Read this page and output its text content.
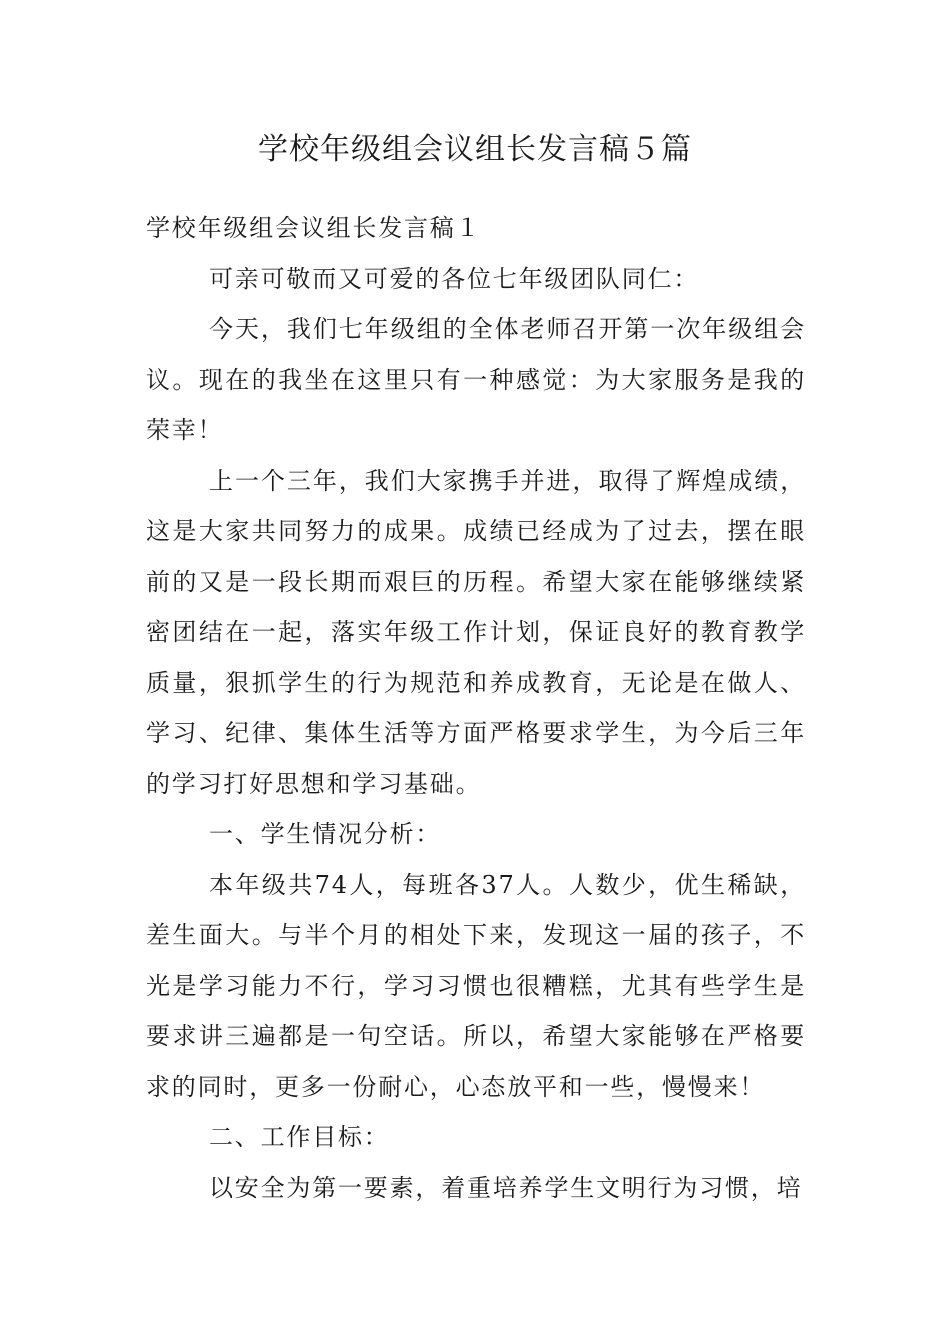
学校年级组会议组长发言稿５篇

学校年级组会议组长发言稿１

可亲可敬而又可爱的各位七年级团队同仁：

今天，我们七年级组的全体老师召开第一次年级组会议。现在的我坐在这里只有一种感觉：为大家服务是我的荣幸！

上一个三年，我们大家携手并进，取得了辉煌成绩，这是大家共同努力的成果。成绩已经成为了过去，摆在眼前的又是一段长期而艰巨的历程。希望大家在能够继续紧密团结在一起，落实年级工作计划，保证良好的教育教学质量，狠抓学生的行为规范和养成教育，无论是在做人、学习、纪律、集体生活等方面严格要求学生，为今后三年的学习打好思想和学习基础。

一、学生情况分析：

本年级共74人，每班各37人。人数少，优生稀缺，差生面大。与半个月的相处下来，发现这一届的孩子，不光是学习能力不行，学习习惯也很糟糕，尤其有些学生是要求讲三遍都是一句空话。所以，希望大家能够在严格要求的同时，更多一份耐心，心态放平和一些，慢慢来！

二、工作目标：

以安全为第一要素，着重培养学生文明行为习惯，培
